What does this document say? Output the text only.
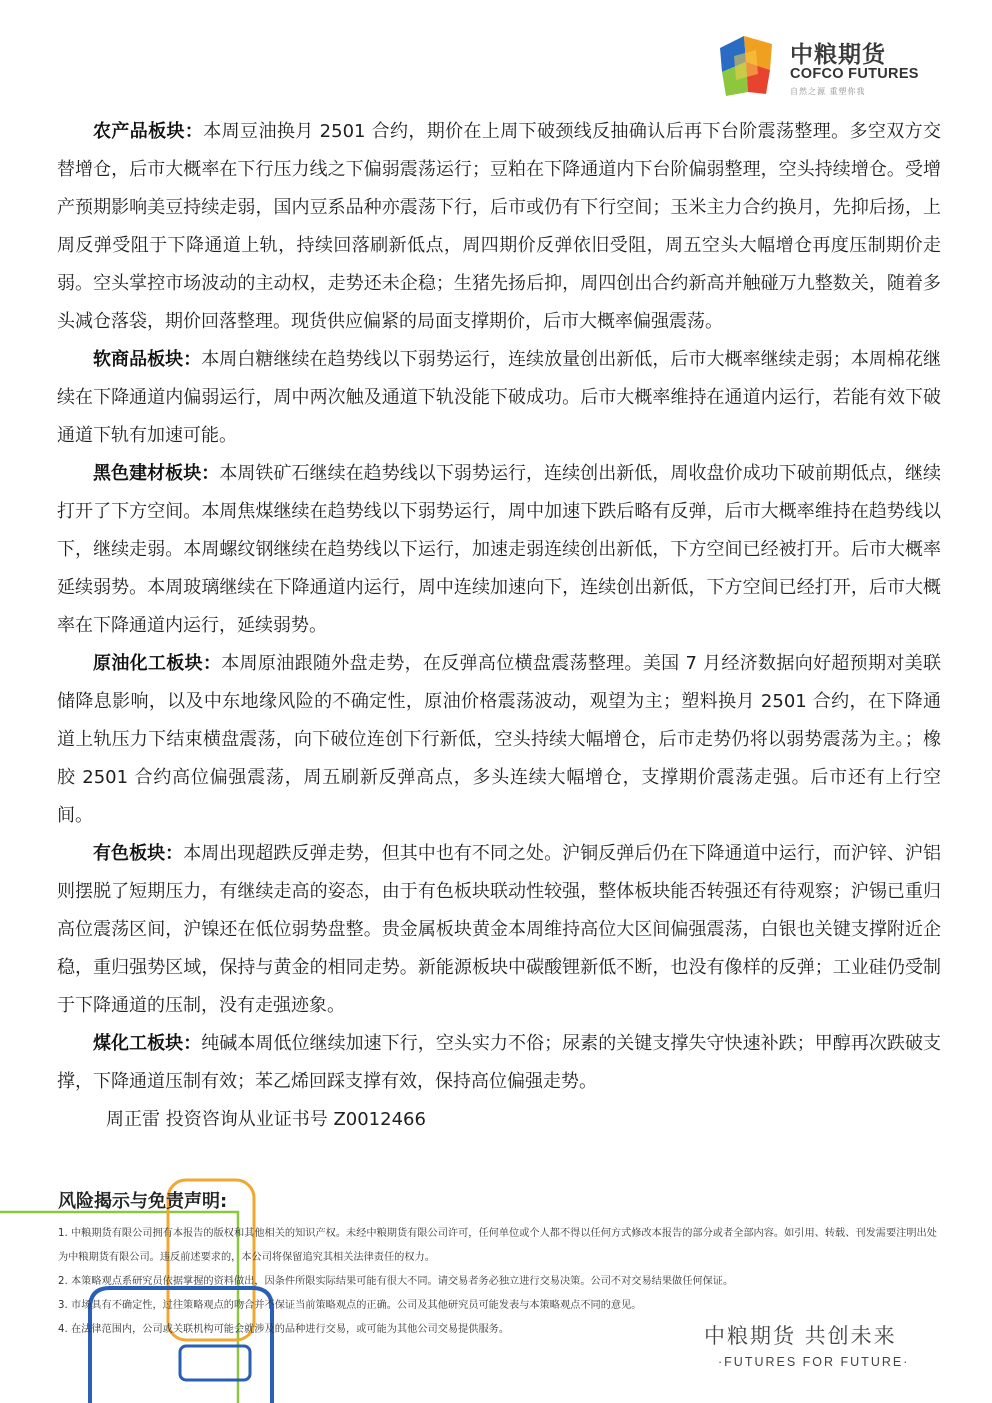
中粮期货
COFCO FUTURES
自然之源 重塑你我

农产品板块：本周豆油换月 2501 合约，期价在上周下破颈线反抽确认后再下台阶震荡整理。多空双方交替增仓，后市大概率在下行压力线之下偏弱震荡运行；豆粕在下降通道内下台阶偏弱整理，空头持续增仓。受增产预期影响美豆持续走弱，国内豆系品种亦震荡下行，后市或仍有下行空间；玉米主力合约换月，先抑后扬，上周反弹受阻于下降通道上轨，持续回落刷新低点，周四期价反弹依旧受阻，周五空头大幅增仓再度压制期价走弱。空头掌控市场波动的主动权，走势还未企稳；生猪先扬后抑，周四创出合约新高并触碰万九整数关，随着多头减仓落袋，期价回落整理。现货供应偏紧的局面支撑期价，后市大概率偏强震荡。

软商品板块：本周白糖继续在趋势线以下弱势运行，连续放量创出新低，后市大概率继续走弱；本周棉花继续在下降通道内偏弱运行，周中两次触及通道下轨没能下破成功。后市大概率维持在通道内运行，若能有效下破通道下轨有加速可能。

黑色建材板块：本周铁矿石继续在趋势线以下弱势运行，连续创出新低，周收盘价成功下破前期低点，继续打开了下方空间。本周焦煤继续在趋势线以下弱势运行，周中加速下跌后略有反弹，后市大概率维持在趋势线以下，继续走弱。本周螺纹钢继续在趋势线以下运行，加速走弱连续创出新低，下方空间已经被打开。后市大概率延续弱势。本周玻璃继续在下降通道内运行，周中连续加速向下，连续创出新低，下方空间已经打开，后市大概率在下降通道内运行，延续弱势。

原油化工板块：本周原油跟随外盘走势，在反弹高位横盘震荡整理。美国 7 月经济数据向好超预期对美联储降息影响，以及中东地缘风险的不确定性，原油价格震荡波动，观望为主；塑料换月 2501 合约，在下降通道上轨压力下结束横盘震荡，向下破位连创下行新低，空头持续大幅增仓，后市走势仍将以弱势震荡为主。；橡胶 2501 合约高位偏强震荡，周五刷新反弹高点，多头连续大幅增仓，支撑期价震荡走强。后市还有上行空间。

有色板块：本周出现超跌反弹走势，但其中也有不同之处。沪铜反弹后仍在下降通道中运行，而沪锌、沪铝则摆脱了短期压力，有继续走高的姿态，由于有色板块联动性较强，整体板块能否转强还有待观察；沪锡已重归高位震荡区间，沪镍还在低位弱势盘整。贵金属板块黄金本周维持高位大区间偏强震荡，白银也关键支撑附近企稳，重归强势区域，保持与黄金的相同走势。新能源板块中碳酸锂新低不断，也没有像样的反弹；工业硅仍受制于下降通道的压制，没有走强迹象。

煤化工板块：纯碱本周低位继续加速下行，空头实力不俗；尿素的关键支撑失守快速补跌；甲醇再次跌破支撑，下降通道压制有效；苯乙烯回踩支撑有效，保持高位偏强走势。

周正雷 投资咨询从业证书号 Z0012466

风险揭示与免责声明:

1. 中粮期货有限公司拥有本报告的版权和其他相关的知识产权。未经中粮期货有限公司许可，任何单位或个人都不得以任何方式修改本报告的部分或者全部内容。如引用、转载、刊发需要注明出处为中粮期货有限公司。违反前述要求的，本公司将保留追究其相关法律责任的权力。

2. 本策略观点系研究员依据掌握的资料做出，因条件所限实际结果可能有很大不同。请交易者务必独立进行交易决策。公司不对交易结果做任何保证。

3. 市场具有不确定性，过往策略观点的吻合并不保证当前策略观点的正确。公司及其他研究员可能发表与本策略观点不同的意见。

4. 在法律范围内，公司或关联机构可能会就涉及的品种进行交易，或可能为其他公司交易提供服务。	中粮期货 共创未来
·FUTURES FOR FUTURE·
